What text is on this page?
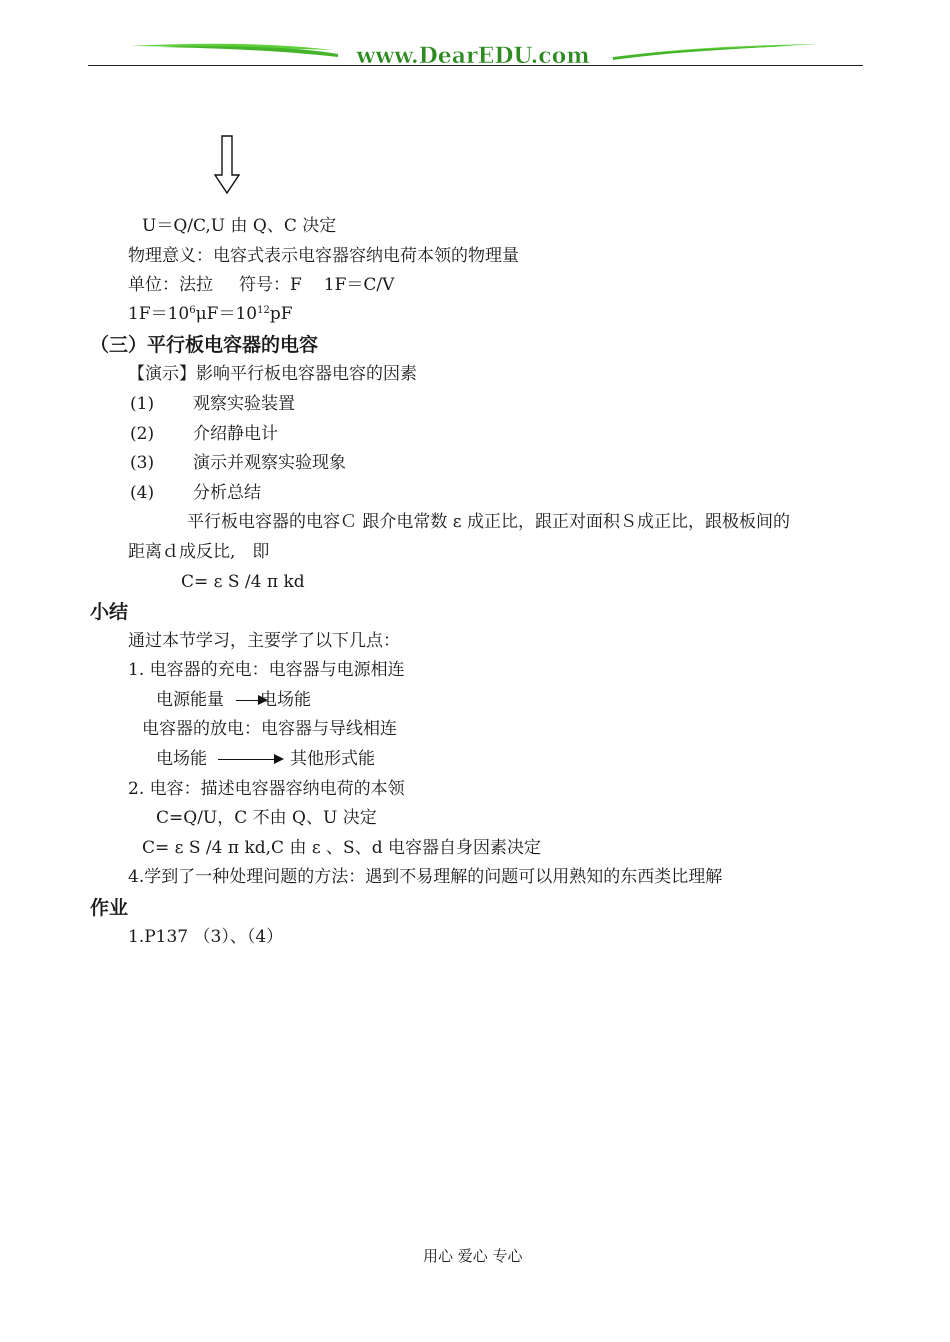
www.DearEDU.com
U＝Q/C,U 由 Q、C 决定
物理意义：电容式表示电容器容纳电荷本领的物理量
单位：法拉 符号：F 1F＝C/V
$1F=10^6\mu F=10^{12}pF$
（三）平行板电容器的电容
【演示】影响平行板电容器电容的因素
(1) 观察实验装置
(2) 介绍静电计
(3) 演示并观察实验现象
(4) 分析总结
平行板电容器的电容Ｃ 跟介电常数 ε 成正比，跟正对面积Ｓ成正比，跟极板间的
距离ｄ成反比,　即
C= ε S /4 π kd
小结
通过本节学习，主要学了以下几点：
1. 电容器的充电：电容器与电源相连
电源能量 电场能
电容器的放电：电容器与导线相连
电场能	其他形式能
2. 电容：描述电容器容纳电荷的本领
C=Q/U，C 不由 Q、U 决定
C= ε S /4 π kd,C 由 ε 、S、d 电容器自身因素决定
4.学到了一种处理问题的方法：遇到不易理解的问题可以用熟知的东西类比理解
作业
1.P137 （3）、（4）
用心 爱心 专心
